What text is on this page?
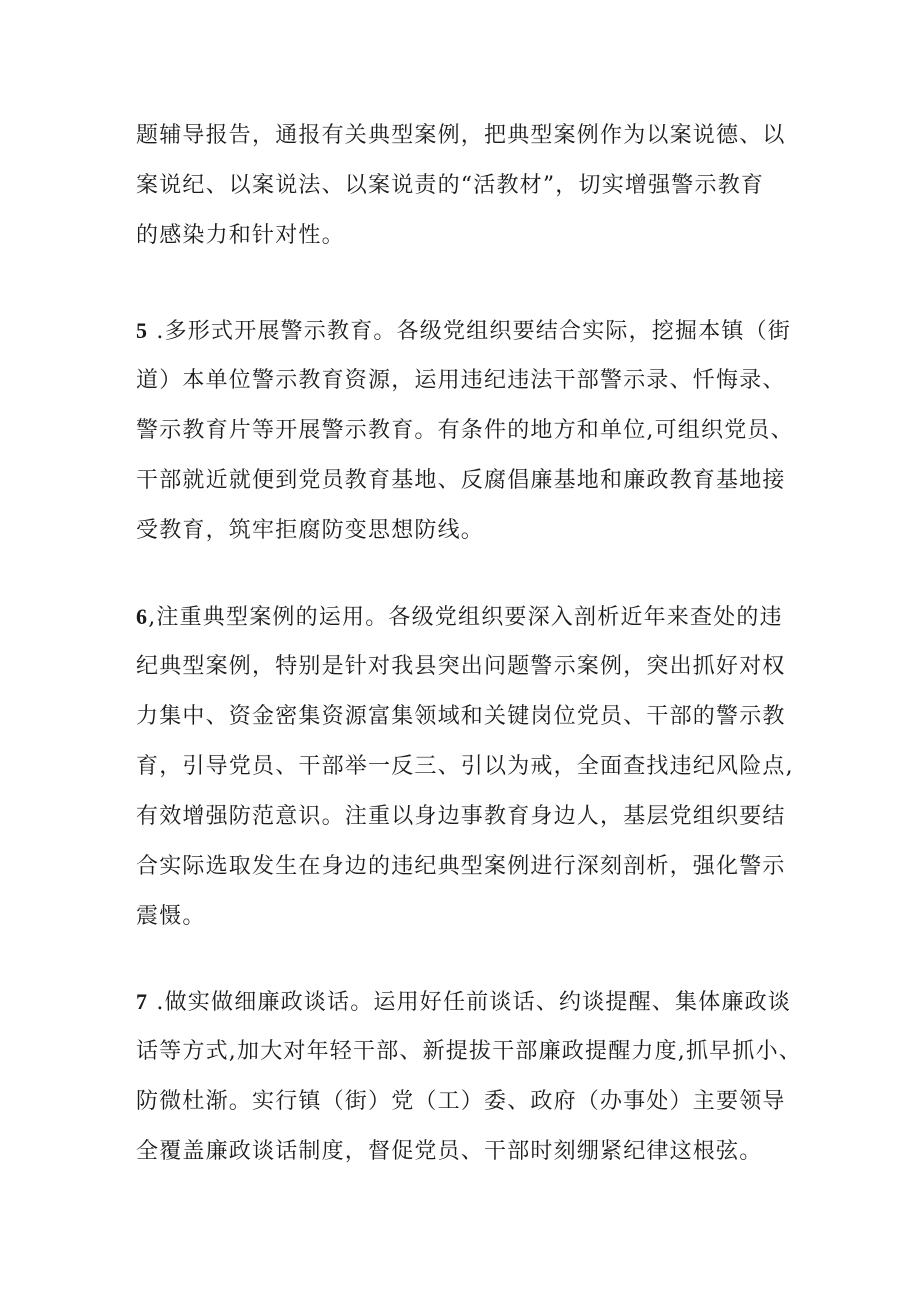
题辅导报告，通报有关典型案例，把典型案例作为以案说德、以
案说纪、以案说法、以案说责的“活教材”，切实增强警示教育
的感染力和针对性。
5 .多形式开展警示教育。各级党组织要结合实际，挖掘本镇（街
道）本单位警示教育资源，运用违纪违法干部警示录、忏悔录、
警示教育片等开展警示教育。有条件的地方和单位,可组织党员、
干部就近就便到党员教育基地、反腐倡廉基地和廉政教育基地接
受教育，筑牢拒腐防变思想防线。
6,注重典型案例的运用。各级党组织要深入剖析近年来查处的违
纪典型案例，特别是针对我县突出问题警示案例，突出抓好对权
力集中、资金密集资源富集领域和关键岗位党员、干部的警示教
育，引导党员、干部举一反三、引以为戒，全面查找违纪风险点,
有效增强防范意识。注重以身边事教育身边人，基层党组织要结
合实际选取发生在身边的违纪典型案例进行深刻剖析，强化警示
震慑。
7 .做实做细廉政谈话。运用好任前谈话、约谈提醒、集体廉政谈
话等方式,加大对年轻干部、新提拔干部廉政提醒力度,抓早抓小、
防微杜渐。实行镇（街）党（工）委、政府（办事处）主要领导
全覆盖廉政谈话制度，督促党员、干部时刻绷紧纪律这根弦。
